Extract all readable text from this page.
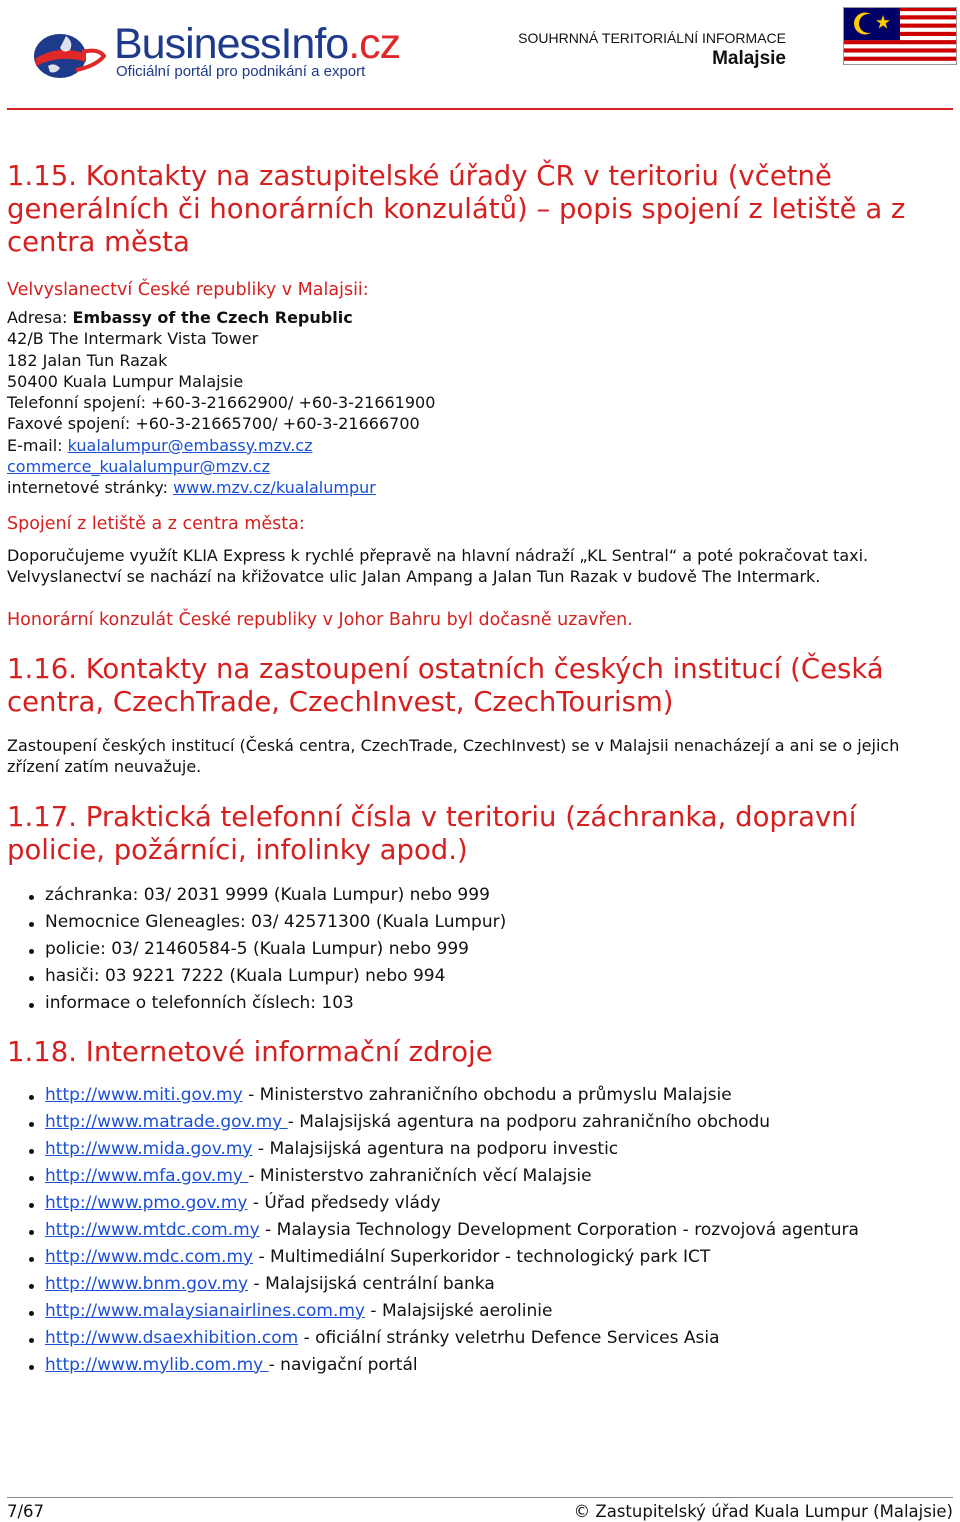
BusinessInfo.cz
Oficiální portál pro podnikání a export
SOUHRNNÁ TERITORIÁLNÍ INFORMACE
Malajsie
1.15. Kontakty na zastupitelské úřady ČR v teritoriu (včetně generálních či honorárních konzulátů) – popis spojení z letiště a z centra města
Velvyslanectví České republiky v Malajsii:
Adresa: Embassy of the Czech Republic
42/B The Intermark Vista Tower
182 Jalan Tun Razak
50400 Kuala Lumpur Malajsie
Telefonní spojení: +60-3-21662900/ +60-3-21661900
Faxové spojení: +60-3-21665700/ +60-3-21666700
E-mail: kualalumpur@embassy.mzv.cz
commerce_kualalumpur@mzv.cz
internetové stránky: www.mzv.cz/kualalumpur
Spojení z letiště a z centra města:
Doporučujeme využít KLIA Express k rychlé přepravě na hlavní nádraží „KL Sentral“ a poté pokračovat taxi. Velvyslanectví se nachází na křižovatce ulic Jalan Ampang a Jalan Tun Razak v budově The Intermark.
Honorární konzulát České republiky v Johor Bahru byl dočasně uzavřen.
1.16. Kontakty na zastoupení ostatních českých institucí (Česká centra, CzechTrade, CzechInvest, CzechTourism)
Zastoupení českých institucí (Česká centra, CzechTrade, CzechInvest) se v Malajsii nenacházejí a ani se o jejich zřízení zatím neuvažuje.
1.17. Praktická telefonní čísla v teritoriu (záchranka, dopravní policie, požárníci, infolinky apod.)
záchranka: 03/ 2031 9999 (Kuala Lumpur) nebo 999
Nemocnice Gleneagles: 03/ 42571300 (Kuala Lumpur)
policie: 03/ 21460584-5 (Kuala Lumpur) nebo 999
hasiči: 03 9221 7222 (Kuala Lumpur) nebo 994
informace o telefonních číslech: 103
1.18. Internetové informační zdroje
http://www.miti.gov.my - Ministerstvo zahraničního obchodu a průmyslu Malajsie
http://www.matrade.gov.my - Malajsijská agentura na podporu zahraničního obchodu
http://www.mida.gov.my - Malajsijská agentura na podporu investic
http://www.mfa.gov.my - Ministerstvo zahraničních věcí Malajsie
http://www.pmo.gov.my - Úřad předsedy vlády
http://www.mtdc.com.my - Malaysia Technology Development Corporation - rozvojová agentura
http://www.mdc.com.my - Multimediální Superkoridor - technologický park ICT
http://www.bnm.gov.my - Malajsijská centrální banka
http://www.malaysianairlines.com.my - Malajsijské aerolinie
http://www.dsaexhibition.com - oficiální stránky veletrhu Defence Services Asia
http://www.mylib.com.my - navigační portál
7/67	© Zastupitelský úřad Kuala Lumpur (Malajsie)
